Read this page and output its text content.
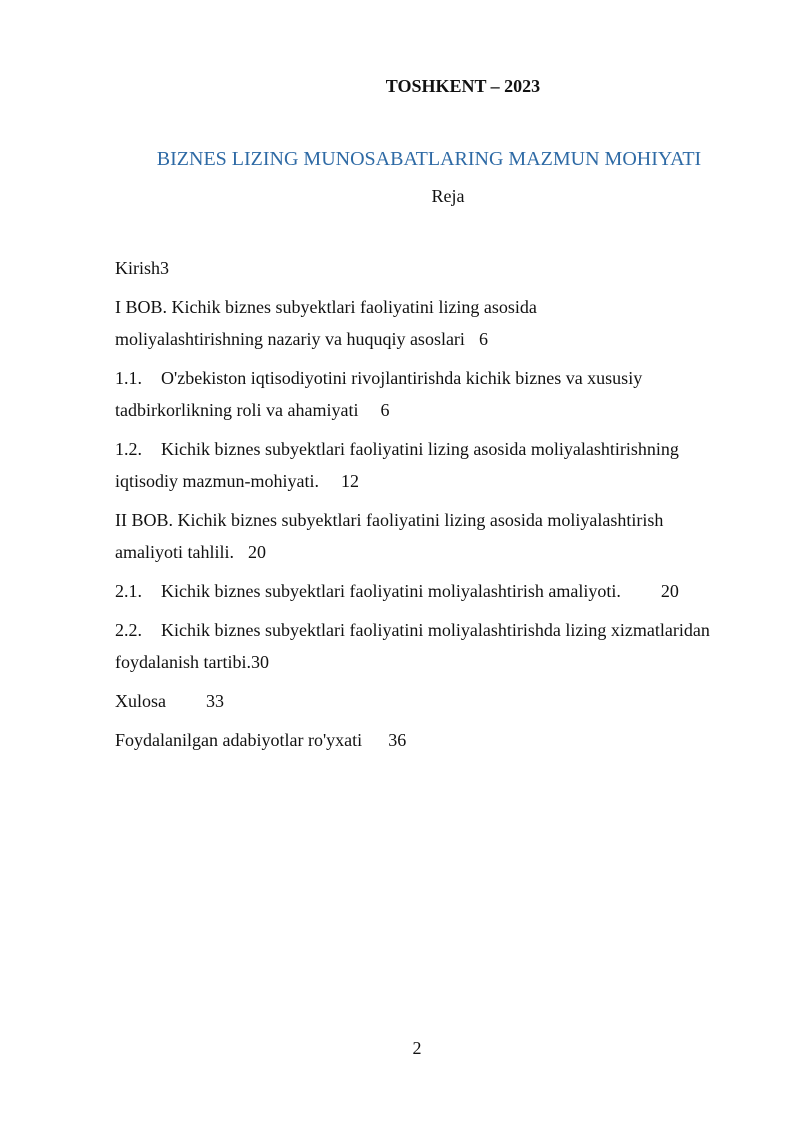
TOSHKENT – 2023
BIZNES LIZING MUNOSABATLARING MAZMUN MOHIYATI
Reja
Kirish3
I BOB. Kichik biznes subyektlari faoliyatini lizing asosida
moliyalashtirishning nazariy va huquqiy asoslari 6
1.1. O'zbekiston iqtisodiyotini rivojlantirishda kichik biznes va xususiy
tadbirkorlikning roli va ahamiyati 6
1.2. Kichik biznes subyektlari faoliyatini lizing asosida moliyalashtirishning
iqtisodiy mazmun-mohiyati. 12
II BOB. Kichik biznes subyektlari faoliyatini lizing asosida moliyalashtirish
amaliyoti tahlili. 20
2.1. Kichik biznes subyektlari faoliyatini moliyalashtirish amaliyoti. 20
2.2. Kichik biznes subyektlari faoliyatini moliyalashtirishda lizing xizmatlaridan
foydalanish tartibi.30
Xulosa 33
Foydalanilgan adabiyotlar ro'yxati 36
2
